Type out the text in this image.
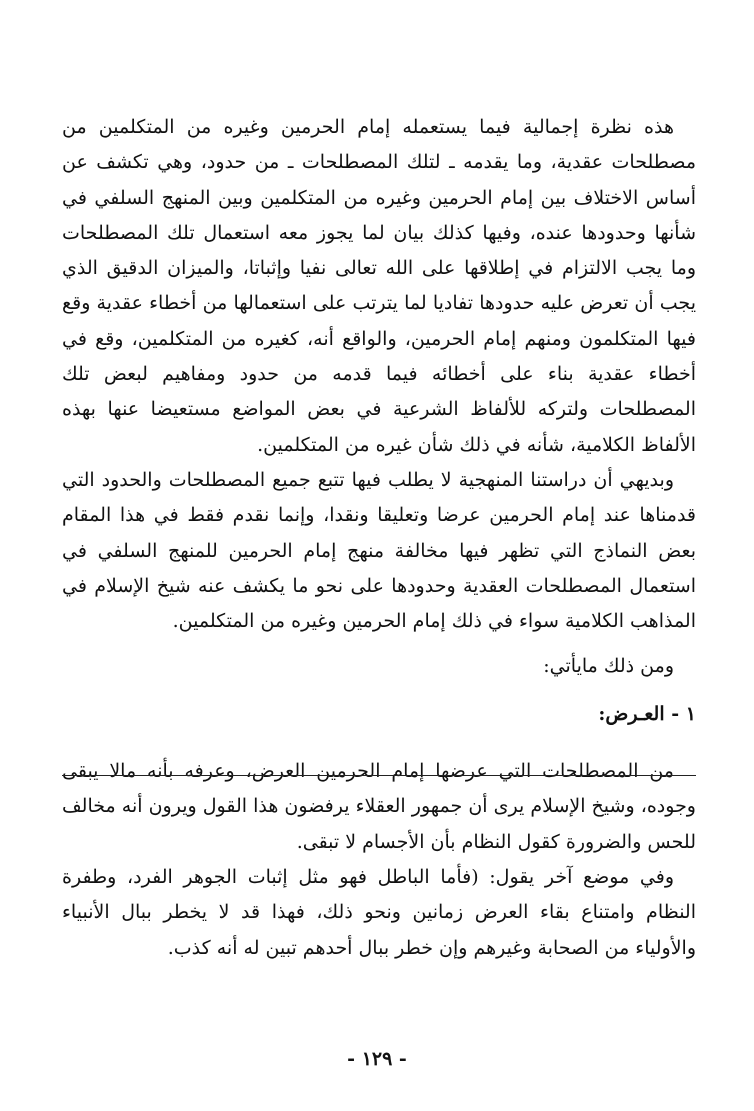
هذه نظرة إجمالية فيما يستعمله إمام الحرمين وغيره من المتكلمين من مصطلحات عقدية، وما يقدمه ـ لتلك المصطلحات ـ من حدود، وهي تكشف عن أساس الاختلاف بين إمام الحرمين وغيره من المتكلمين وبين المنهج السلفي في شأنها وحدودها عنده، وفيها كذلك بيان لما يجوز معه استعمال تلك المصطلحات وما يجب الالتزام في إطلاقها على الله تعالى نفيا وإثباتا، والميزان الدقيق الذي يجب أن تعرض عليه حدودها تفاديا لما يترتب على استعمالها من أخطاء عقدية وقع فيها المتكلمون ومنهم إمام الحرمين، والواقع أنه، كغيره من المتكلمين، وقع في أخطاء عقدية بناء على أخطائه فيما قدمه من حدود ومفاهيم لبعض تلك المصطلحات ولتركه للألفاظ الشرعية في بعض المواضع مستعيضا عنها بهذه الألفاظ الكلامية، شأنه في ذلك شأن غيره من المتكلمين.

وبديهي أن دراستنا المنهجية لا يطلب فيها تتبع جميع المصطلحات والحدود التي قدمناها عند إمام الحرمين عرضا وتعليقا ونقدا، وإنما نقدم فقط في هذا المقام بعض النماذج التي تظهر فيها مخالفة منهج إمام الحرمين للمنهج السلفي في استعمال المصطلحات العقدية وحدودها على نحو ما يكشف عنه شيخ الإسلام في المذاهب الكلامية سواء في ذلك إمام الحرمين وغيره من المتكلمين.

ومن ذلك مايأتي:

١ - العـرض:

من المصطلحات التي عرضها إمام الحرمين العرض، وعرفه بأنه مالا يبقى وجوده، وشيخ الإسلام يرى أن جمهور العقلاء يرفضون هذا القول ويرون أنه مخالف للحس والضرورة كقول النظام بأن الأجسام لا تبقى.

وفي موضع آخر يقول: (فأما الباطل فهو مثل إثبات الجوهر الفرد، وطفرة النظام وامتناع بقاء العرض زمانين ونحو ذلك، فهذا قد لا يخطر ببال الأنبياء والأولياء من الصحابة وغيرهم وإن خطر ببال أحدهم تبين له أنه كذب.

- ١٢٩ -
